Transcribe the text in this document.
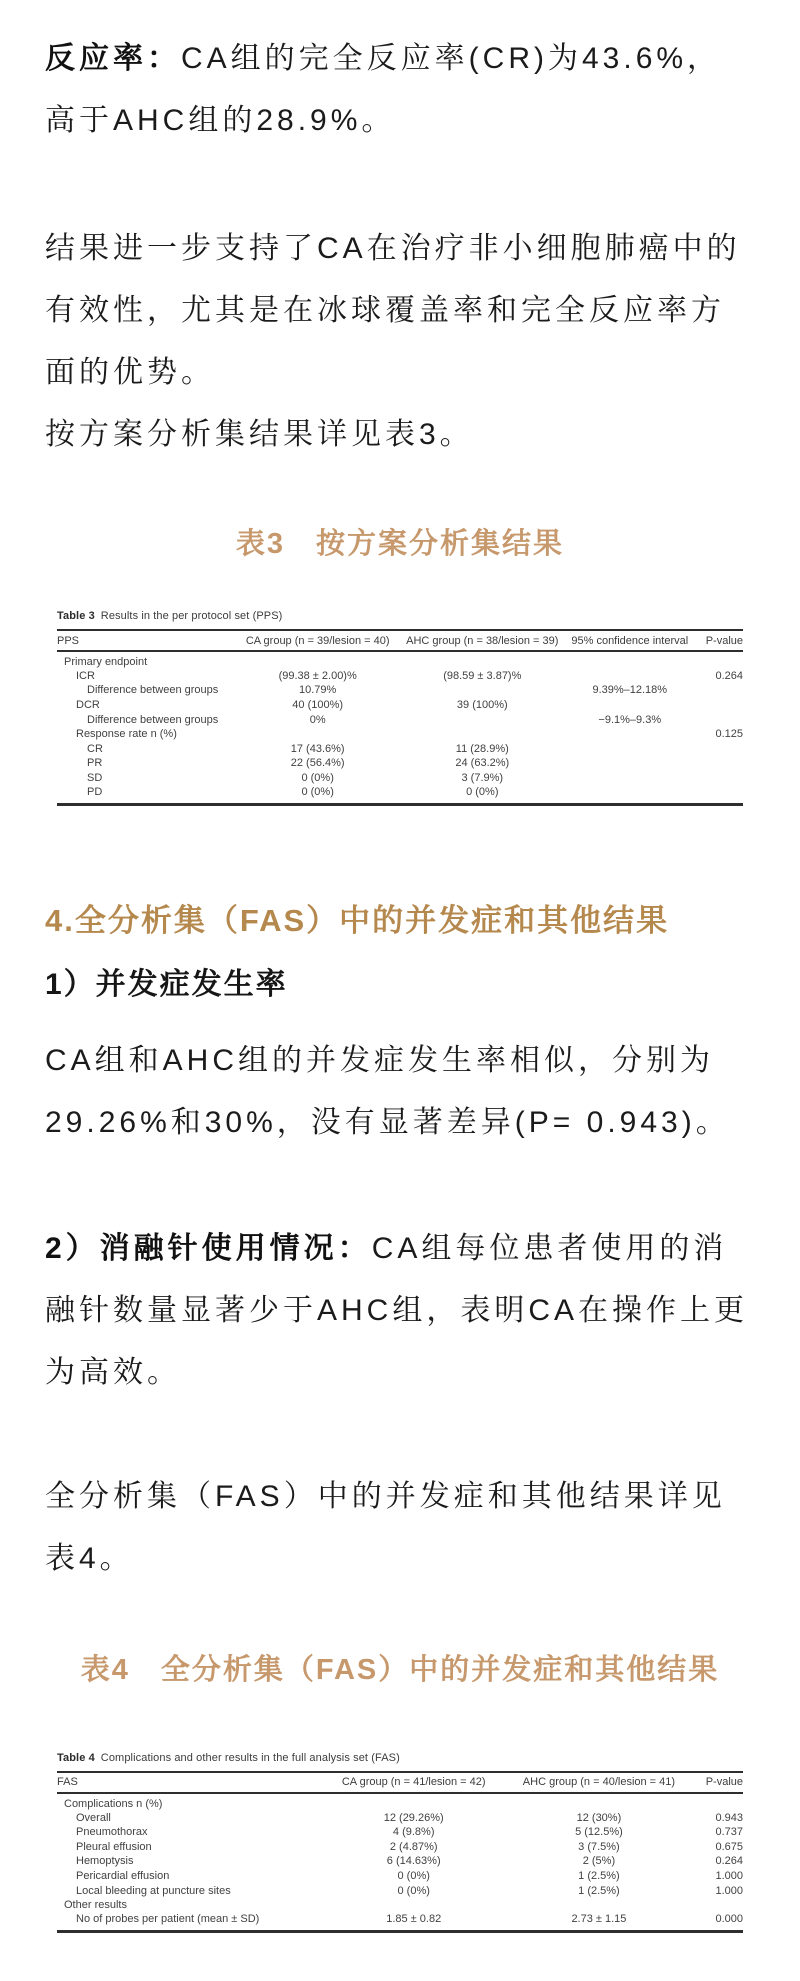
反应率：CA组的完全反应率(CR)为43.6%，高于AHC组的28.9%。

结果进一步支持了CA在治疗非小细胞肺癌中的有效性，尤其是在冰球覆盖率和完全反应率方面的优势。

按方案分析集结果详见表3。

表3　按方案分析集结果
Table 3 Results in the per protocol set (PPS)
PPS	CA group (n = 39/lesion = 40)	AHC group (n = 38/lesion = 39)	95% confidence interval	P-value
Primary endpoint				
ICR	(99.38 ± 2.00)%	(98.59 ± 3.87)%		0.264
Difference between groups	10.79%		9.39%–12.18%	
DCR	40 (100%)	39 (100%)		
Difference between groups	0%		−9.1%–9.3%	
Response rate n (%)				0.125
CR	17 (43.6%)	11 (28.9%)		
PR	22 (56.4%)	24 (63.2%)		
SD	0 (0%)	3 (7.9%)		
PD	0 (0%)	0 (0%)		
4.全分析集（FAS）中的并发症和其他结果
1）并发症发生率

CA组和AHC组的并发症发生率相似，分别为29.26%和30%，没有显著差异(P= 0.943)。

2）消融针使用情况：CA组每位患者使用的消融针数量显著少于AHC组，表明CA在操作上更为高效。

全分析集（FAS）中的并发症和其他结果详见表4。

表4　全分析集（FAS）中的并发症和其他结果
Table 4 Complications and other results in the full analysis set (FAS)
FAS	CA group (n = 41/lesion = 42)	AHC group (n = 40/lesion = 41)	P-value
Complications n (%)			
Overall	12 (29.26%)	12 (30%)	0.943
Pneumothorax	4 (9.8%)	5 (12.5%)	0.737
Pleural effusion	2 (4.87%)	3 (7.5%)	0.675
Hemoptysis	6 (14.63%)	2 (5%)	0.264
Pericardial effusion	0 (0%)	1 (2.5%)	1.000
Local bleeding at puncture sites	0 (0%)	1 (2.5%)	1.000
Other results			
No of probes per patient (mean ± SD)	1.85 ± 0.82	2.73 ± 1.15	0.000
